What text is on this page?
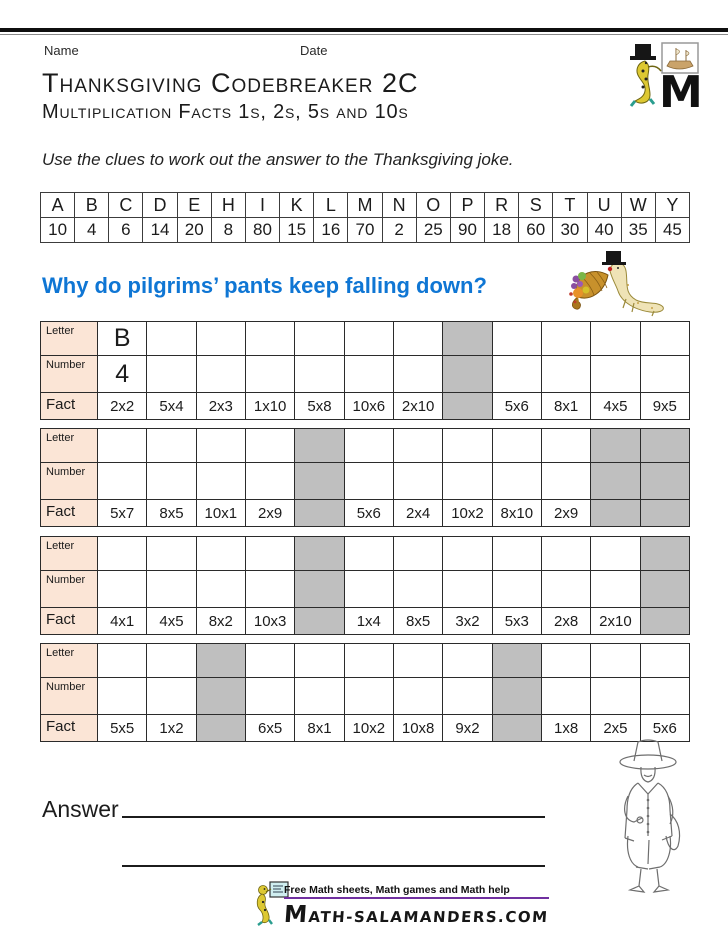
Name	Date
M
Thanksgiving Codebreaker 2C
Multiplication Facts 1s, 2s, 5s and 10s
Use the clues to work out the answer to the Thanksgiving joke.
A	B	C	D	E	H	I	K	L	M	N	O	P	R	S	T	U	W	Y
10	4	6	14	20	8	80	15	16	70	2	25	90	18	60	30	40	35	45
Why do pilgrims’ pants keep falling down?
Letter	B											
Number	4											
Fact	2x2	5x4	2x3	1x10	5x8	10x6	2x10		5x6	8x1	4x5	9x5
Letter												
Number												
Fact	5x7	8x5	10x1	2x9		5x6	2x4	10x2	8x10	2x9		
Letter												
Number												
Fact	4x1	4x5	8x2	10x3		1x4	8x5	3x2	5x3	2x8	2x10	
Letter												
Number												
Fact	5x5	1x2		6x5	8x1	10x2	10x8	9x2		1x8	2x5	5x6
Answer
Free Math sheets, Math games and Math help
MATH-SALAMANDERS.COM
